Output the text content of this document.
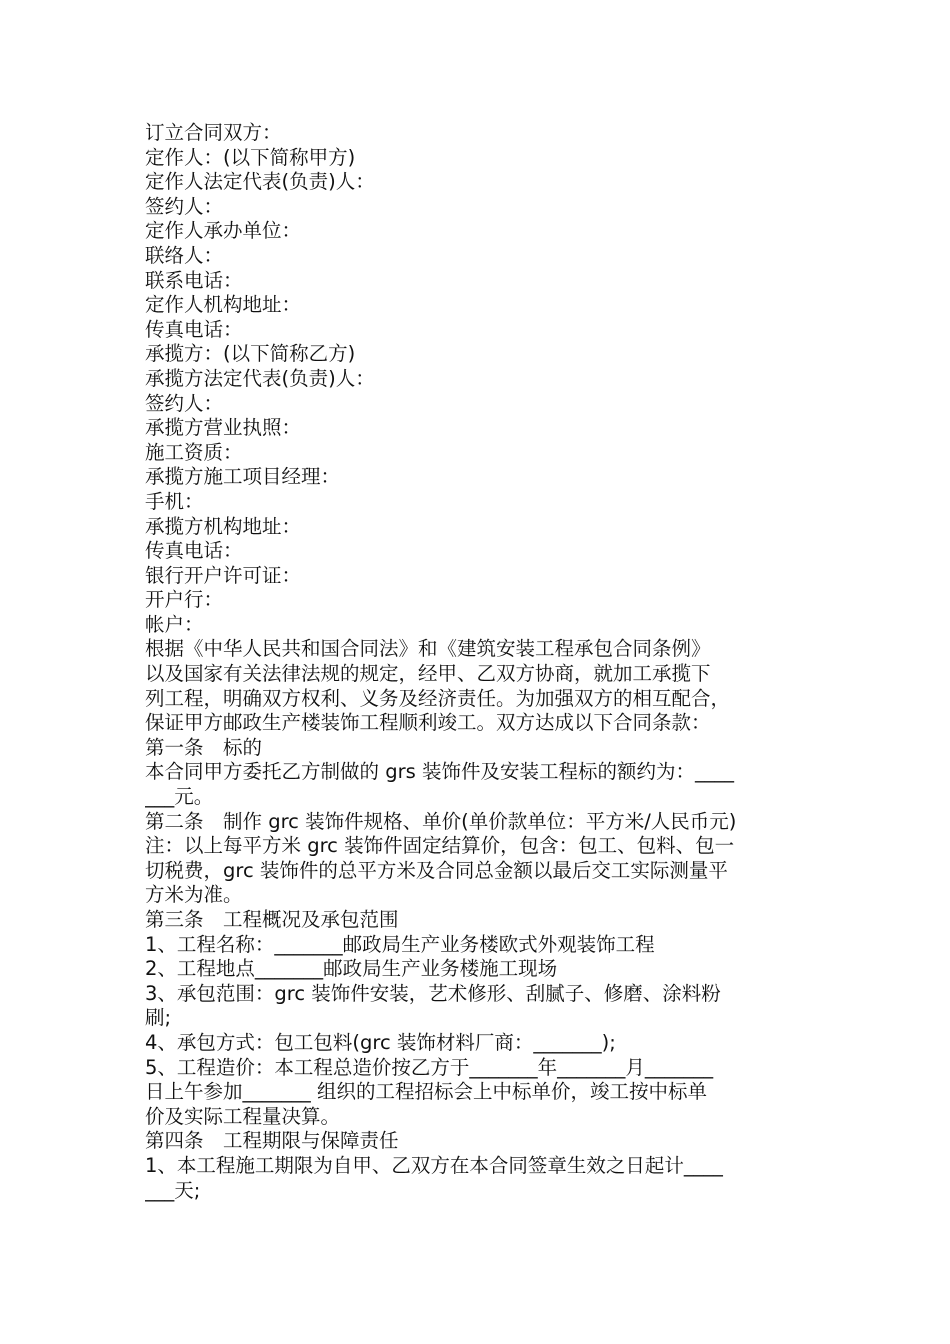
订立合同双方：
定作人：(以下简称甲方)
定作人法定代表(负责)人：
签约人：
定作人承办单位：
联络人：
联系电话：
定作人机构地址：
传真电话：
承揽方：(以下简称乙方)
承揽方法定代表(负责)人：
签约人：
承揽方营业执照：
施工资质：
承揽方施工项目经理：
手机：
承揽方机构地址：
传真电话：
银行开户许可证：
开户行：
帐户：
根据《中华人民共和国合同法》和《建筑安装工程承包合同条例》
以及国家有关法律法规的规定，经甲、乙双方协商，就加工承揽下
列工程，明确双方权利、义务及经济责任。为加强双方的相互配合，
保证甲方邮政生产楼装饰工程顺利竣工。双方达成以下合同条款：
第一条　标的
本合同甲方委托乙方制做的 grs 装饰件及安装工程标的额约为：____
___元。
第二条　制作 grc 装饰件规格、单价(单价款单位：平方米/人民币元)
注：以上每平方米 grc 装饰件固定结算价，包含：包工、包料、包一
切税费，grc 装饰件的总平方米及合同总金额以最后交工实际测量平
方米为准。
第三条　工程概况及承包范围
1、工程名称：_______邮政局生产业务楼欧式外观装饰工程
2、工程地点_______邮政局生产业务楼施工现场
3、承包范围：grc 装饰件安装，艺术修形、刮腻子、修磨、涂料粉
刷;
4、承包方式：包工包料(grc 装饰材料厂商：_______);
5、工程造价：本工程总造价按乙方于_______年_______月_______
日上午参加_______ 组织的工程招标会上中标单价，竣工按中标单
价及实际工程量决算。
第四条　工程期限与保障责任
1、本工程施工期限为自甲、乙双方在本合同签章生效之日起计____
___天;
